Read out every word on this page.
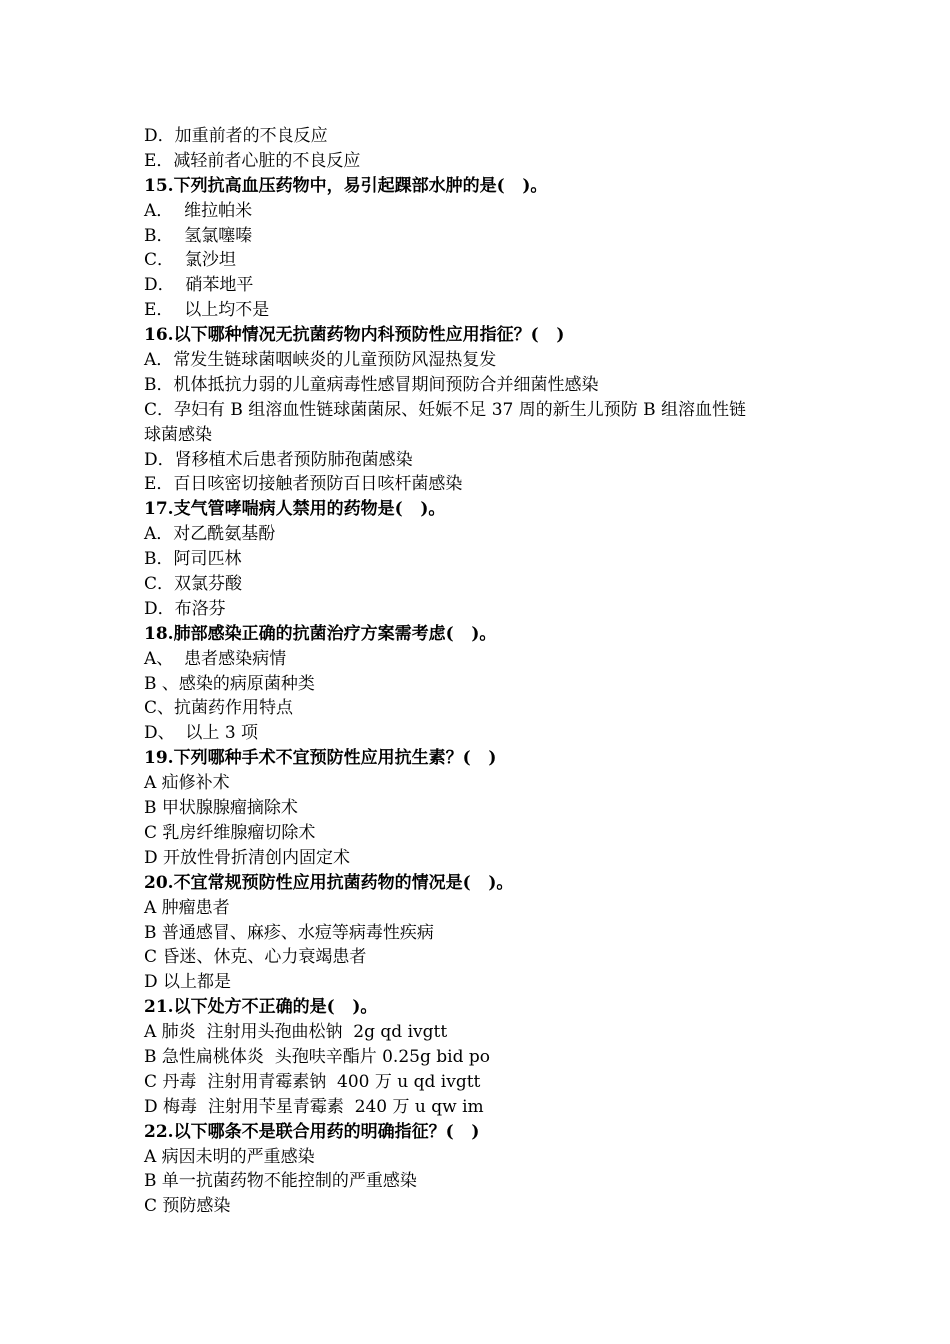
D．加重前者的不良反应
E．减轻前者心脏的不良反应
15.下列抗高血压药物中，易引起踝部水肿的是(   )。
A．  维拉帕米
B．  氢氯噻嗪
C．  氯沙坦
D．  硝苯地平
E．  以上均不是
16.以下哪种情况无抗菌药物内科预防性应用指征？(   )
A．常发生链球菌咽峡炎的儿童预防风湿热复发
B．机体抵抗力弱的儿童病毒性感冒期间预防合并细菌性感染
C．孕妇有 B 组溶血性链球菌菌尿、妊娠不足 37 周的新生儿预防 B 组溶血性链
球菌感染
D．肾移植术后患者预防肺孢菌感染
E．百日咳密切接触者预防百日咳杆菌感染
17.支气管哮喘病人禁用的药物是(   )。
A．对乙酰氨基酚
B．阿司匹林
C．双氯芬酸
D．布洛芬
18.肺部感染正确的抗菌治疗方案需考虑(   )。
A、  患者感染病情
B 、感染的病原菌种类
C、抗菌药作用特点
D、  以上 3 项
19.下列哪种手术不宜预防性应用抗生素？(   )
A 疝修补术
B 甲状腺腺瘤摘除术
C 乳房纤维腺瘤切除术
D 开放性骨折清创内固定术
20.不宜常规预防性应用抗菌药物的情况是(   )。
A 肿瘤患者
B 普通感冒、麻疹、水痘等病毒性疾病
C 昏迷、休克、心力衰竭患者
D 以上都是
21.以下处方不正确的是(   )。
A 肺炎  注射用头孢曲松钠  2g qd ivgtt
B 急性扁桃体炎  头孢呋辛酯片 0.25g bid po
C 丹毒  注射用青霉素钠  400 万 u qd ivgtt
D 梅毒  注射用苄星青霉素  240 万 u qw im
22.以下哪条不是联合用药的明确指征？(   )
A 病因未明的严重感染
B 单一抗菌药物不能控制的严重感染
C 预防感染
